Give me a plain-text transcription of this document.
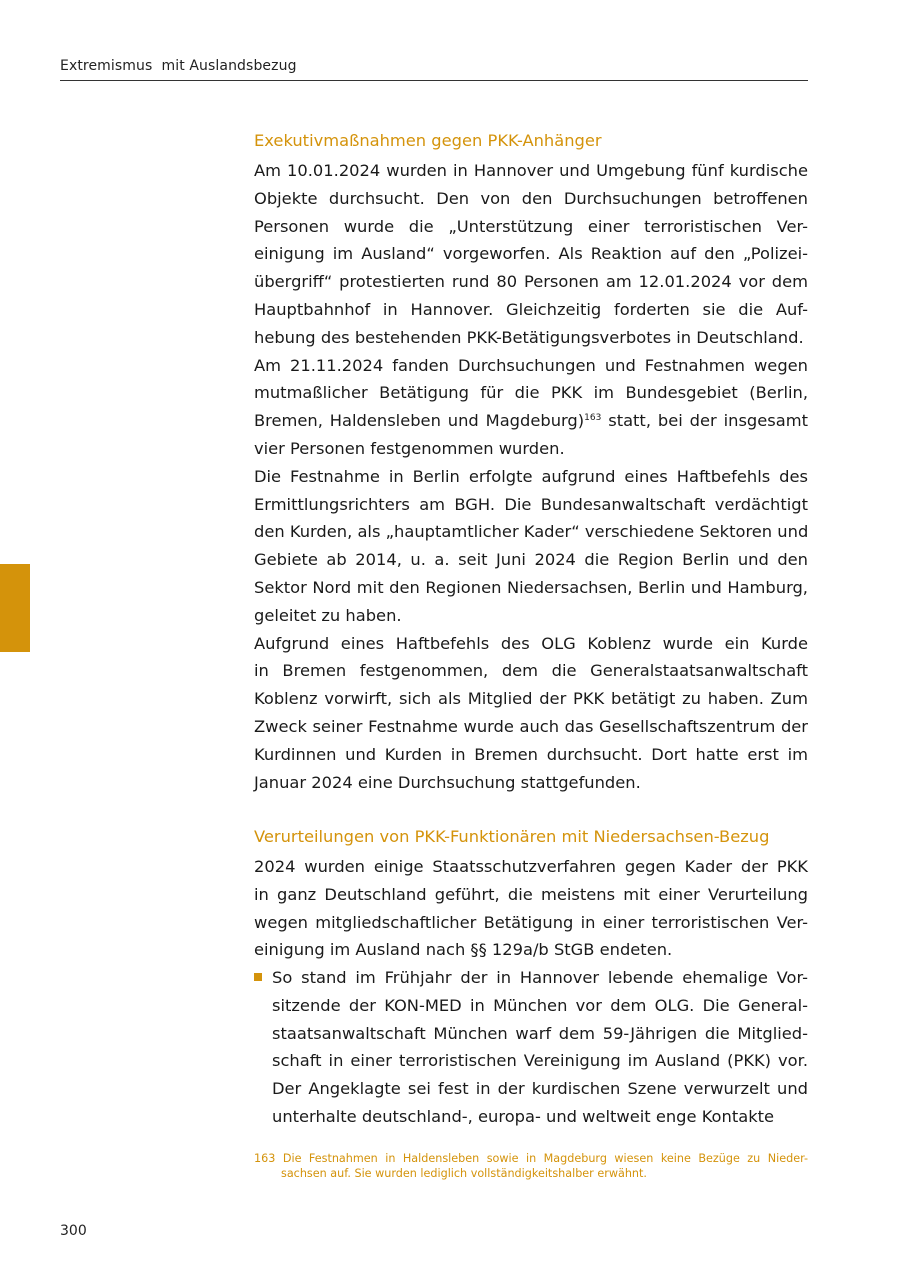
Extremismus  mit Auslandsbezug
Exekutivmaßnahmen gegen PKK-Anhänger
Am 10.01.2024 wurden in Hannover und Umgebung fünf kurdische
Objekte durchsucht. Den von den Durchsuchungen betroffenen
Personen wurde die „Unterstützung einer terroristischen Ver-
einigung im Ausland“ vorgeworfen. Als Reaktion auf den „Polizei-
übergriff“ protestierten rund 80 Personen am 12.01.2024 vor dem
Hauptbahnhof in Hannover. Gleichzeitig forderten sie die Auf-
hebung des bestehenden PKK-Betätigungsverbotes in Deutschland.
Am 21.11.2024 fanden Durchsuchungen und Festnahmen wegen
mutmaßlicher Betätigung für die PKK im Bundesgebiet (Berlin,
Bremen, Haldensleben und Magdeburg)$^{163}$ statt, bei der insgesamt
vier Personen festgenommen wurden.
Die Festnahme in Berlin erfolgte aufgrund eines Haftbefehls des
Ermittlungsrichters am BGH. Die Bundesanwaltschaft verdächtigt
den Kurden, als „hauptamtlicher Kader“ verschiedene Sektoren und
Gebiete ab 2014, u. a. seit Juni 2024 die Region Berlin und den
Sektor Nord mit den Regionen Niedersachsen, Berlin und Hamburg,
geleitet zu haben.
Aufgrund eines Haftbefehls des OLG Koblenz wurde ein Kurde
in Bremen festgenommen, dem die Generalstaatsanwaltschaft
Koblenz vorwirft, sich als Mitglied der PKK betätigt zu haben. Zum
Zweck seiner Festnahme wurde auch das Gesellschaftszentrum der
Kurdinnen und Kurden in Bremen durchsucht. Dort hatte erst im
Januar 2024 eine Durchsuchung stattgefunden.
Verurteilungen von PKK-Funktionären mit Niedersachsen-Bezug
2024 wurden einige Staatsschutzverfahren gegen Kader der PKK
in ganz Deutschland geführt, die meistens mit einer Verurteilung
wegen mitgliedschaftlicher Betätigung in einer terroristischen Ver-
einigung im Ausland nach §§ 129a/b StGB endeten.
So stand im Frühjahr der in Hannover lebende ehemalige Vor-
sitzende der KON-MED in München vor dem OLG. Die General-
staatsanwaltschaft München warf dem 59-Jährigen die Mitglied-
schaft in einer terroristischen Vereinigung im Ausland (PKK) vor.
Der Angeklagte sei fest in der kurdischen Szene verwurzelt und
unterhalte deutschland-, europa- und weltweit enge Kontakte
163 Die Festnahmen in Haldensleben sowie in Magdeburg wiesen keine Bezüge zu Nieder-
sachsen auf. Sie wurden lediglich vollständigkeitshalber erwähnt.
300
